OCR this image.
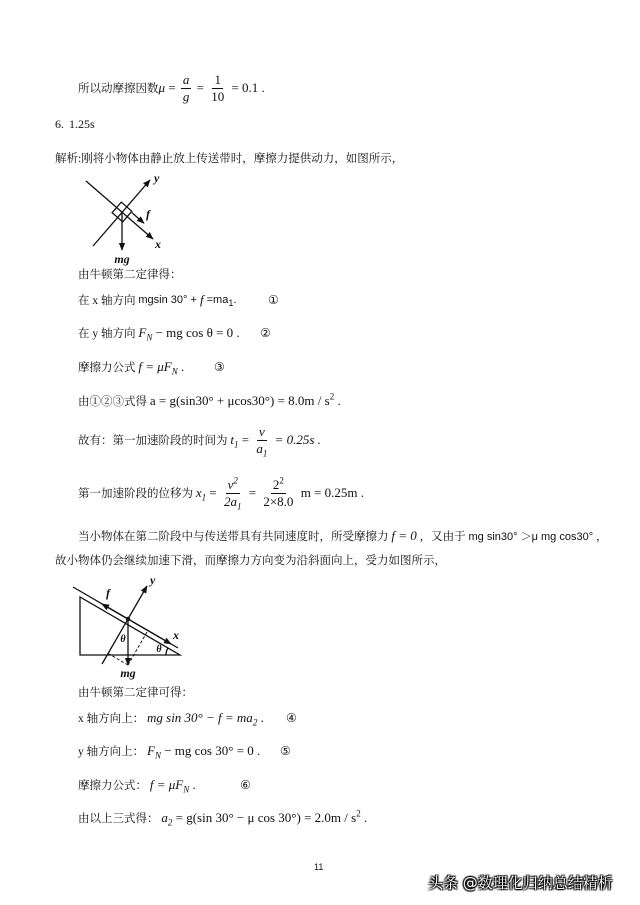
所以动摩擦因数 $\mu = \frac{a}{g} = \frac{1}{10} = 0.1$ .
6. 1.25s
解析:刚将小物体由静止放上传送带时，摩擦力提供动力，如图所示，
y
f
x
mg
由牛顿第二定律得：
在 x 轴方向 mgsin $30^\circ + f =ma_1$ .	①
在 y 轴方向 $F_N$ − mg cos θ = 0 . ②
摩擦力公式 $f = \mu F_N$ . ③
由①②③式得 $a = g(\sin 30^\circ + \mu\cos 30^\circ) = 8.0m / s^2$ .
故有：第一加速阶段的时间为 $t_1 = \frac{v}{a_1} = 0.25s$ .
第一加速阶段的位移为 $x_1 = \frac{v^2}{2a_1} = \frac{2^2}{2\times 8.0}$ m = 0.25m .
当小物体在第二阶段中与传送带具有共同速度时，所受摩擦力 f = 0 ，又由于 mg sin30° ＞μ mg cos30° ，
故小物体仍会继续加速下滑，而摩擦力方向变为沿斜面向上，受力如图所示，
y
f
x
θ
θ
mg
由牛顿第二定律可得：
x 轴方向上： mg $\sin 30^\circ - f = ma_2$ . ④
y 轴方向上： $F_N$ − mg cos 30° = 0 . ⑤
摩擦力公式： $f = \mu F_N$ .	⑥
由以上三式得： $a_2 = g(\sin$ 30° − μ $\cos 30^\circ) = 2.0m / s^2$ .
11
头条 @数理化归纳总结精析
